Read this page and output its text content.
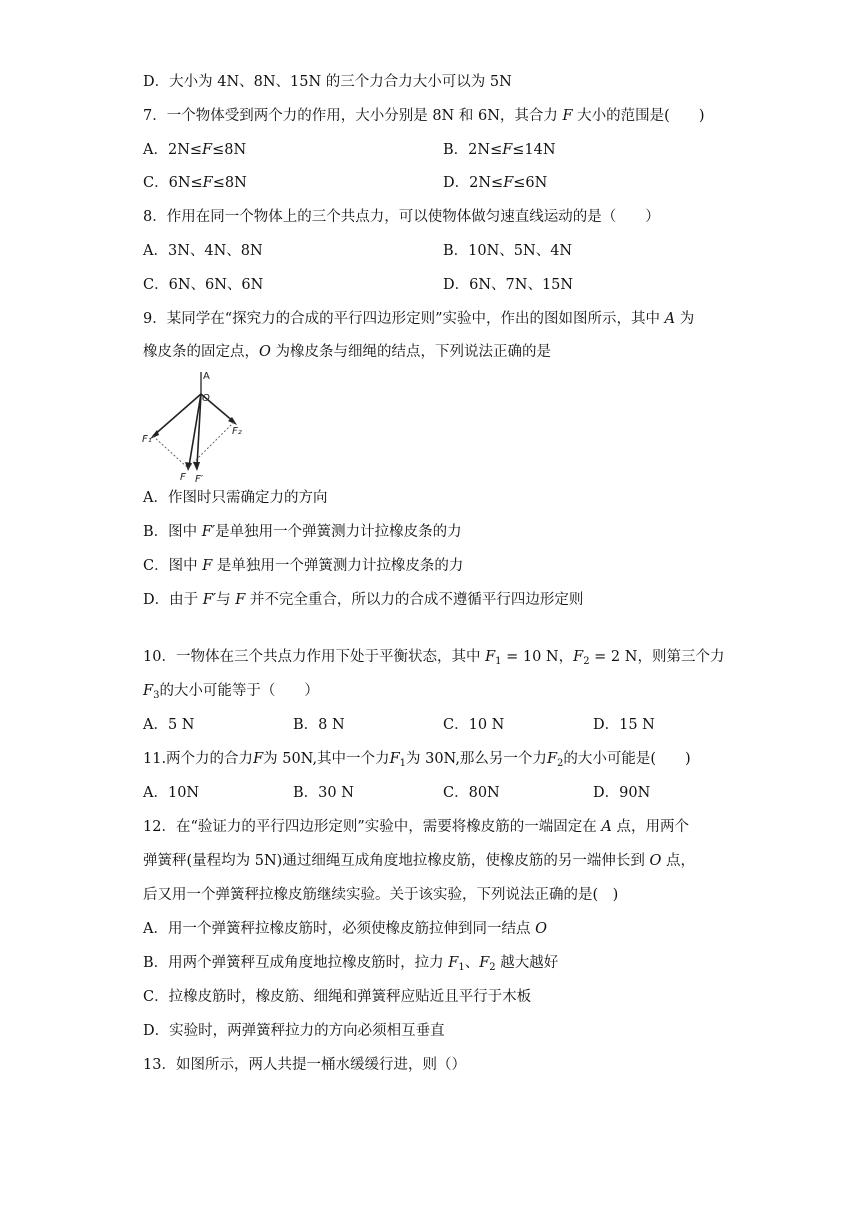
D．大小为 4N、8N、15N 的三个力合力大小可以为 5N
7．一个物体受到两个力的作用，大小分别是 8N 和 6N，其合力 F 大小的范围是(　　)
A．2N≤F≤8N	B．2N≤F≤14N
C．6N≤F≤8N	D．2N≤F≤6N
8．作用在同一个物体上的三个共点力，可以使物体做匀速直线运动的是（　　）
A．3N、4N、8N	B．10N、5N、4N
C．6N、6N、6N	D．6N、7N、15N
9．某同学在“探究力的合成的平行四边形定则”实验中，作出的图如图所示，其中 A 为
橡皮条的固定点，O 为橡皮条与细绳的结点，下列说法正确的是
A
O
F₁
F₂
F F′
A．作图时只需确定力的方向
B．图中 F′是单独用一个弹簧测力计拉橡皮条的力
C．图中 F 是单独用一个弹簧测力计拉橡皮条的力
D．由于 F′与 F 并不完全重合，所以力的合成不遵循平行四边形定则
10．一物体在三个共点力作用下处于平衡状态，其中 $F_1 = 10$ N，$F_2 = 2$ N，则第三个力
$F_3$的大小可能等于（　　）
A．5 N	B．8 N	C．10 N	D．15 N
11.两个力的合力F为 50N,其中一个力$F_1$为 30N,那么另一个力$F_2$的大小可能是(　　)
A．10N	B．30 N	C．80N	D．90N
12．在“验证力的平行四边形定则”实验中，需要将橡皮筋的一端固定在 A 点，用两个
弹簧秤(量程均为 5N)通过细绳互成角度地拉橡皮筋，使橡皮筋的另一端伸长到 O 点，
后又用一个弹簧秤拉橡皮筋继续实验。关于该实验，下列说法正确的是(　)
A．用一个弹簧秤拉橡皮筋时，必须使橡皮筋拉伸到同一结点 O
B．用两个弹簧秤互成角度地拉橡皮筋时，拉力 $F_1$、$F_2$ 越大越好
C．拉橡皮筋时，橡皮筋、细绳和弹簧秤应贴近且平行于木板
D．实验时，两弹簧秤拉力的方向必须相互垂直
13．如图所示，两人共提一桶水缓缓行进，则（）
